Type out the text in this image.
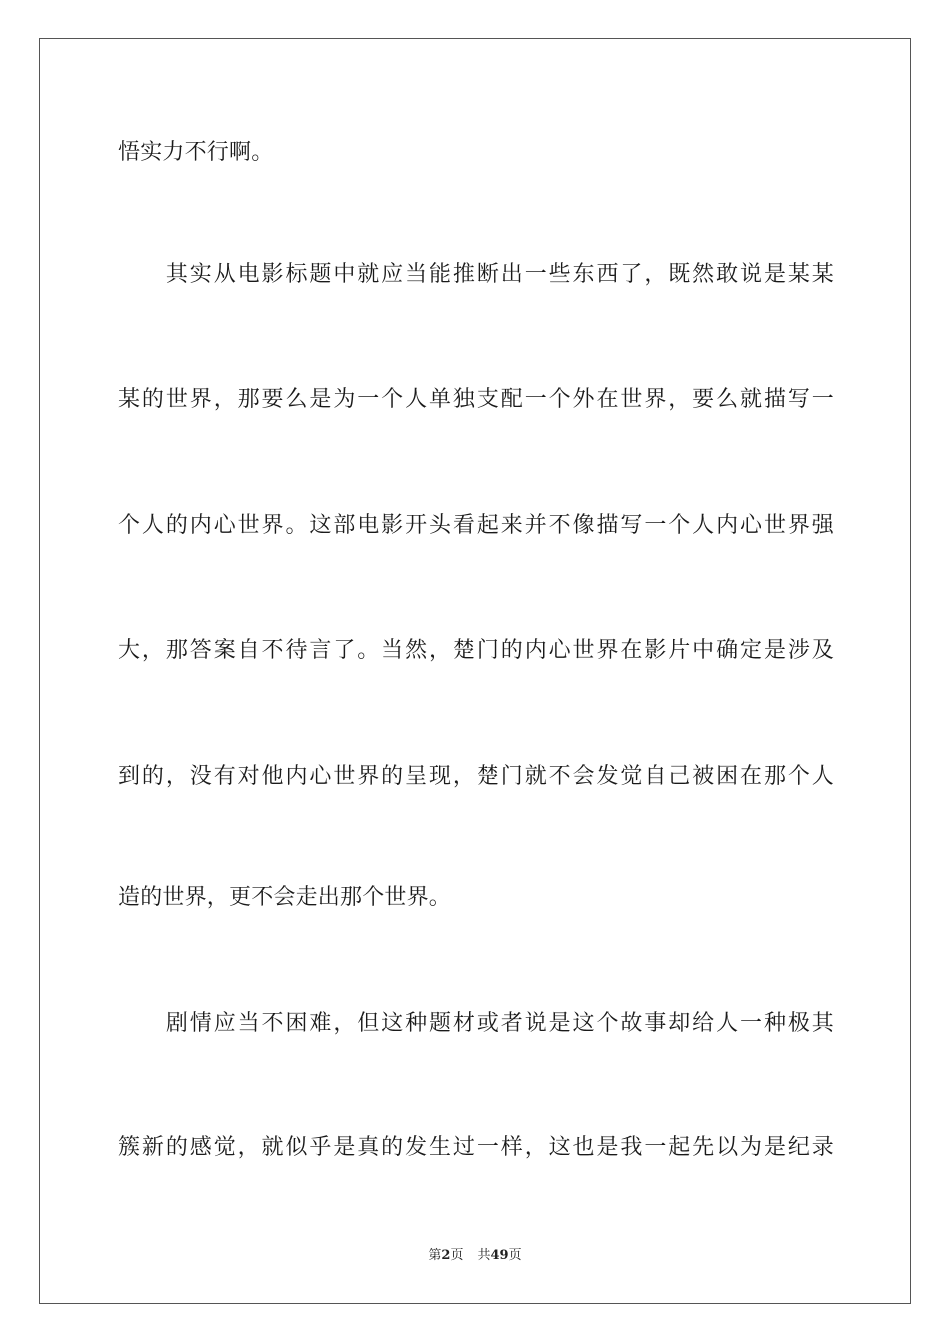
悟实力不行啊。
　　其实从电影标题中就应当能推断出一些东西了，既然敢说是某某
某的世界，那要么是为一个人单独支配一个外在世界，要么就描写一
个人的内心世界。这部电影开头看起来并不像描写一个人内心世界强
大，那答案自不待言了。当然，楚门的内心世界在影片中确定是涉及
到的，没有对他内心世界的呈现，楚门就不会发觉自己被困在那个人
造的世界，更不会走出那个世界。
　　剧情应当不困难，但这种题材或者说是这个故事却给人一种极其
簇新的感觉，就似乎是真的发生过一样，这也是我一起先以为是纪录
第2页 共49页
